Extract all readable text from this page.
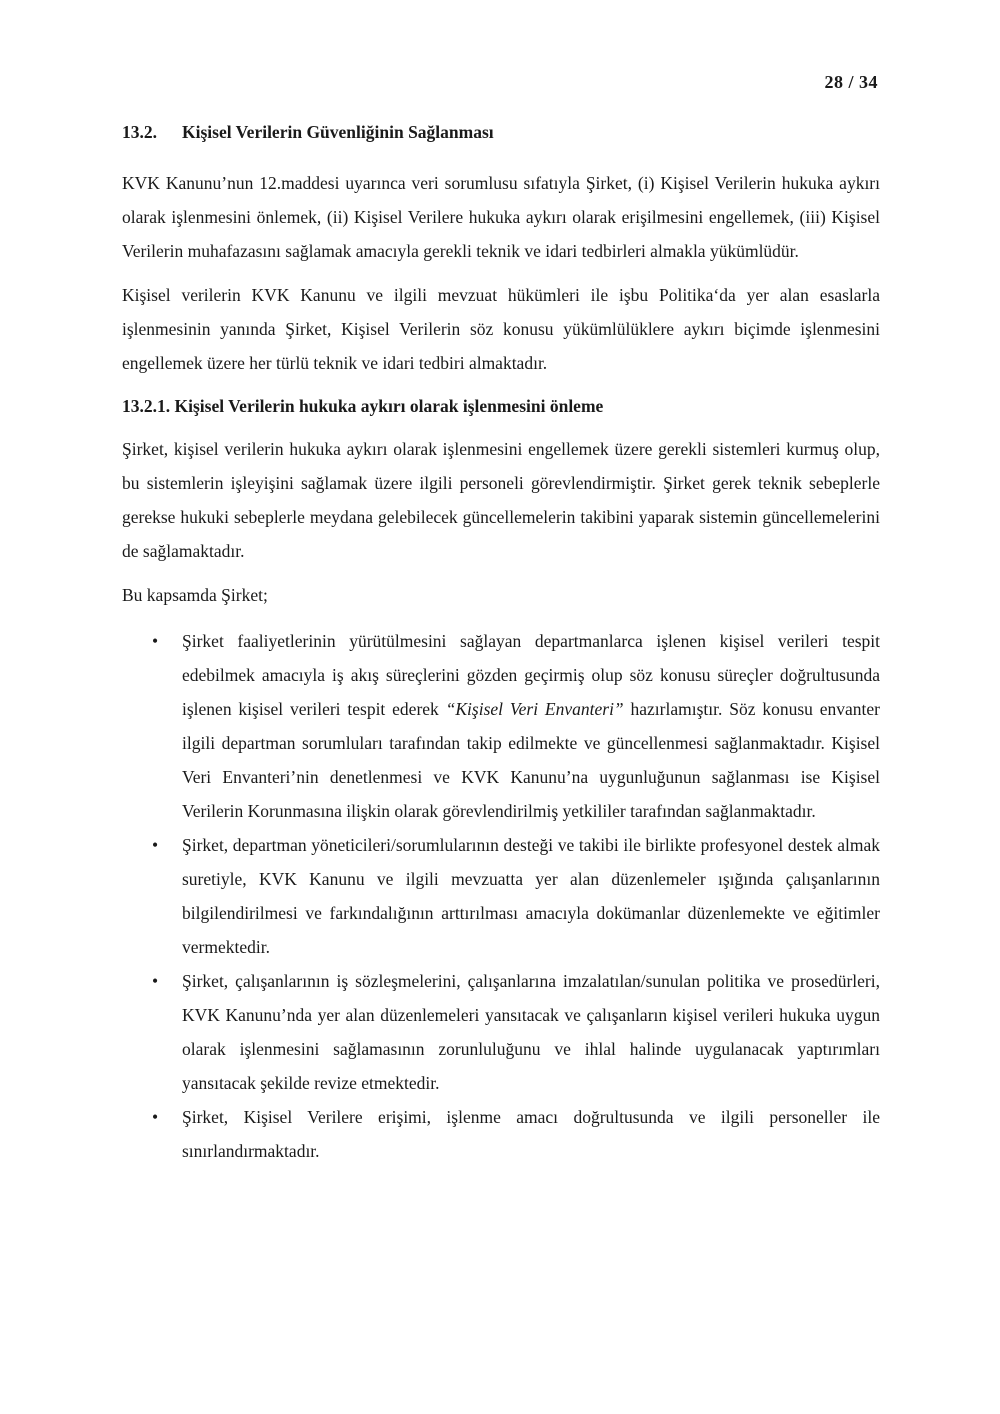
28 / 34
13.2. Kişisel Verilerin Güvenliğinin Sağlanması

KVK Kanunu’nun 12.maddesi uyarınca veri sorumlusu sıfatıyla Şirket, (i) Kişisel Verilerin hukuka aykırı olarak işlenmesini önlemek, (ii) Kişisel Verilere hukuka aykırı olarak erişilmesini engellemek, (iii) Kişisel Verilerin muhafazasını sağlamak amacıyla gerekli teknik ve idari tedbirleri almakla yükümlüdür.

Kişisel verilerin KVK Kanunu ve ilgili mevzuat hükümleri ile işbu Politika‘da yer alan esaslarla işlenmesinin yanında Şirket, Kişisel Verilerin söz konusu yükümlülüklere aykırı biçimde işlenmesini engellemek üzere her türlü teknik ve idari tedbiri almaktadır.

13.2.1. Kişisel Verilerin hukuka aykırı olarak işlenmesini önleme

Şirket, kişisel verilerin hukuka aykırı olarak işlenmesini engellemek üzere gerekli sistemleri kurmuş olup, bu sistemlerin işleyişini sağlamak üzere ilgili personeli görevlendirmiştir. Şirket gerek teknik sebeplerle gerekse hukuki sebeplerle meydana gelebilecek güncellemelerin takibini yaparak sistemin güncellemelerini de sağlamaktadır.

Bu kapsamda Şirket;

• Şirket faaliyetlerinin yürütülmesini sağlayan departmanlarca işlenen kişisel verileri tespit edebilmek amacıyla iş akış süreçlerini gözden geçirmiş olup söz konusu süreçler doğrultusunda işlenen kişisel verileri tespit ederek “Kişisel Veri Envanteri” hazırlamıştır. Söz konusu envanter ilgili departman sorumluları tarafından takip edilmekte ve güncellenmesi sağlanmaktadır. Kişisel Veri Envanteri’nin denetlenmesi ve KVK Kanunu’na uygunluğunun sağlanması ise Kişisel Verilerin Korunmasına ilişkin olarak görevlendirilmiş yetkililer tarafından sağlanmaktadır.
• Şirket, departman yöneticileri/sorumlularının desteği ve takibi ile birlikte profesyonel destek almak suretiyle, KVK Kanunu ve ilgili mevzuatta yer alan düzenlemeler ışığında çalışanlarının bilgilendirilmesi ve farkındalığının arttırılması amacıyla dokümanlar düzenlemekte ve eğitimler vermektedir.
• Şirket, çalışanlarının iş sözleşmelerini, çalışanlarına imzalatılan/sunulan politika ve prosedürleri, KVK Kanunu’nda yer alan düzenlemeleri yansıtacak ve çalışanların kişisel verileri hukuka uygun olarak işlenmesini sağlamasının zorunluluğunu ve ihlal halinde uygulanacak yaptırımları yansıtacak şekilde revize etmektedir.
• Şirket, Kişisel Verilere erişimi, işlenme amacı doğrultusunda ve ilgili personeller ile sınırlandırmaktadır.
